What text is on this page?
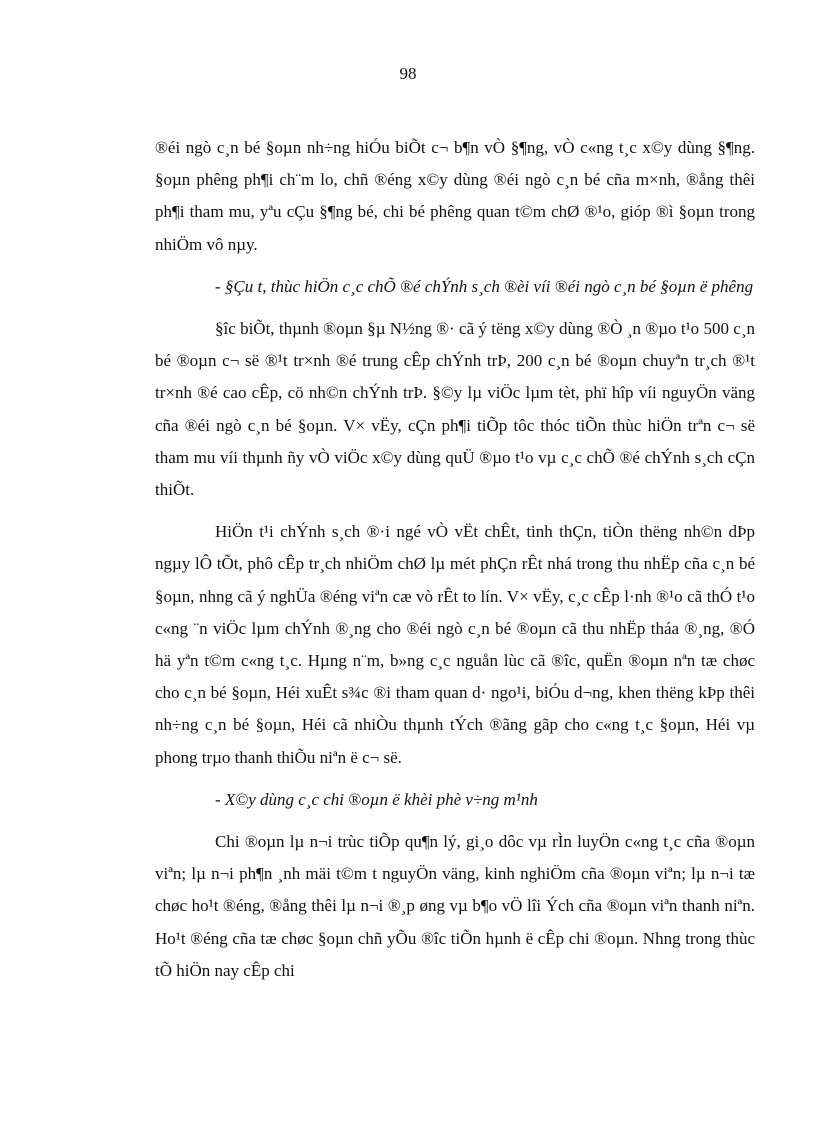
98

®éi ngò c¸n bé §oµn nh÷ng hiÓu biÕt c¬ b¶n vÒ §¶ng, vÒ c«ng t¸c x©y dùng §¶ng. §oµn phêng ph¶i ch¨m lo, chñ ®éng x©y dùng ®éi ngò c¸n bé cña m×nh, ®ång thêi ph¶i tham mu, yªu cÇu §¶ng bé, chi bé phêng quan t©m chØ ®¹o, gióp ®ì §oµn trong nhiÖm vô nµy.

- §Çu t, thùc hiÖn c¸c chÕ ®é chÝnh s¸ch ®èi víi ®éi ngò c¸n bé §oµn ë phêng

§îc biÕt, thµnh ®oµn §µ N½ng ®· cã ý tëng x©y dùng ®Ò ¸n ®µo t¹o 500 c¸n bé ®oµn c¬ së ®¹t tr×nh ®é trung cÊp chÝnh trÞ, 200 c¸n bé ®oµn chuyªn tr¸ch ®¹t tr×nh ®é cao cÊp, cö nh©n chÝnh trÞ. §©y lµ viÖc lµm tèt, phï hîp víi nguyÖn väng cña ®éi ngò c¸n bé §oµn. V× vËy, cÇn ph¶i tiÕp tôc thóc tiÕn thùc hiÖn trªn c¬ së tham mu víi thµnh ñy vÒ viÖc x©y dùng quÜ ®µo t¹o vµ c¸c chÕ ®é chÝnh s¸ch cÇn thiÕt.

HiÖn t¹i chÝnh s¸ch ®·i ngé vÒ vËt chÊt, tinh thÇn, tiÒn thëng nh©n dÞp ngµy lÔ tÕt, phô cÊp tr¸ch nhiÖm chØ lµ mét phÇn rÊt nhá trong thu nhËp cña c¸n bé §oµn, nhng cã ý nghÜa ®éng viªn cæ vò rÊt to lín. V× vËy, c¸c cÊp l·nh ®¹o cã thÓ t¹o c«ng ¨n viÖc lµm chÝnh ®¸ng cho ®éi ngò c¸n bé ®oµn cã thu nhËp tháa ®¸ng, ®Ó hä yªn t©m c«ng t¸c. Hµng n¨m, b»ng c¸c nguån lùc cã ®îc, quËn ®oµn nªn tæ chøc cho c¸n bé §oµn, Héi xuÊt s¾c ®i tham quan d· ngo¹i, biÓu d¬ng, khen thëng kÞp thêi nh÷ng c¸n bé §oµn, Héi cã nhiÒu thµnh tÝch ®ãng gãp cho c«ng t¸c §oµn, Héi vµ phong trµo thanh thiÕu niªn ë c¬ së.

- X©y dùng c¸c chi ®oµn ë khèi phè v÷ng m¹nh

Chi ®oµn lµ n¬i trùc tiÕp qu¶n lý, gi¸o dôc vµ rÌn luyÖn c«ng t¸c cña ®oµn viªn; lµ n¬i ph¶n ¸nh mäi t©m t nguyÖn väng, kinh nghiÖm cña ®oµn viªn; lµ n¬i tæ chøc ho¹t ®éng, ®ång thêi lµ n¬i ®¸p øng vµ b¶o vÖ lîi Ých cña ®oµn viªn thanh niªn. Ho¹t ®éng cña tæ chøc §oµn chñ yÕu ®îc tiÕn hµnh ë cÊp chi ®oµn. Nhng trong thùc tÕ hiÖn nay cÊp chi
